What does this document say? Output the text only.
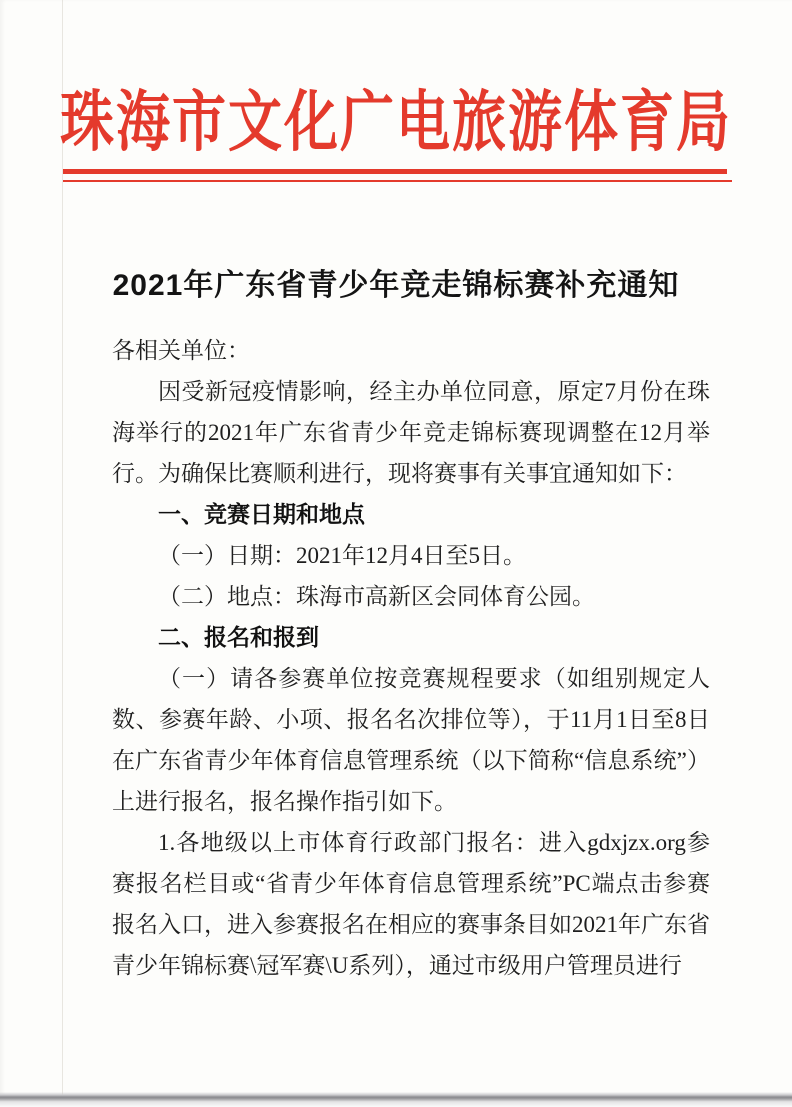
珠海市文化广电旅游体育局

2021年广东省青少年竞走锦标赛补充通知

各相关单位：

因受新冠疫情影响，经主办单位同意，原定7月份在珠海举行的2021年广东省青少年竞走锦标赛现调整在12月举行。为确保比赛顺利进行，现将赛事有关事宜通知如下：

一、竞赛日期和地点

（一）日期：2021年12月4日至5日。

（二）地点：珠海市高新区会同体育公园。

二、报名和报到

（一）请各参赛单位按竞赛规程要求（如组别规定人数、参赛年龄、小项、报名名次排位等），于11月1日至8日在广东省青少年体育信息管理系统（以下简称“信息系统”）上进行报名，报名操作指引如下。

1.各地级以上市体育行政部门报名：进入gdxjzx.org参赛报名栏目或“省青少年体育信息管理系统”PC端点击参赛报名入口，进入参赛报名在相应的赛事条目如2021年广东省青少年锦标赛\冠军赛\U系列），通过市级用户管理员进行
